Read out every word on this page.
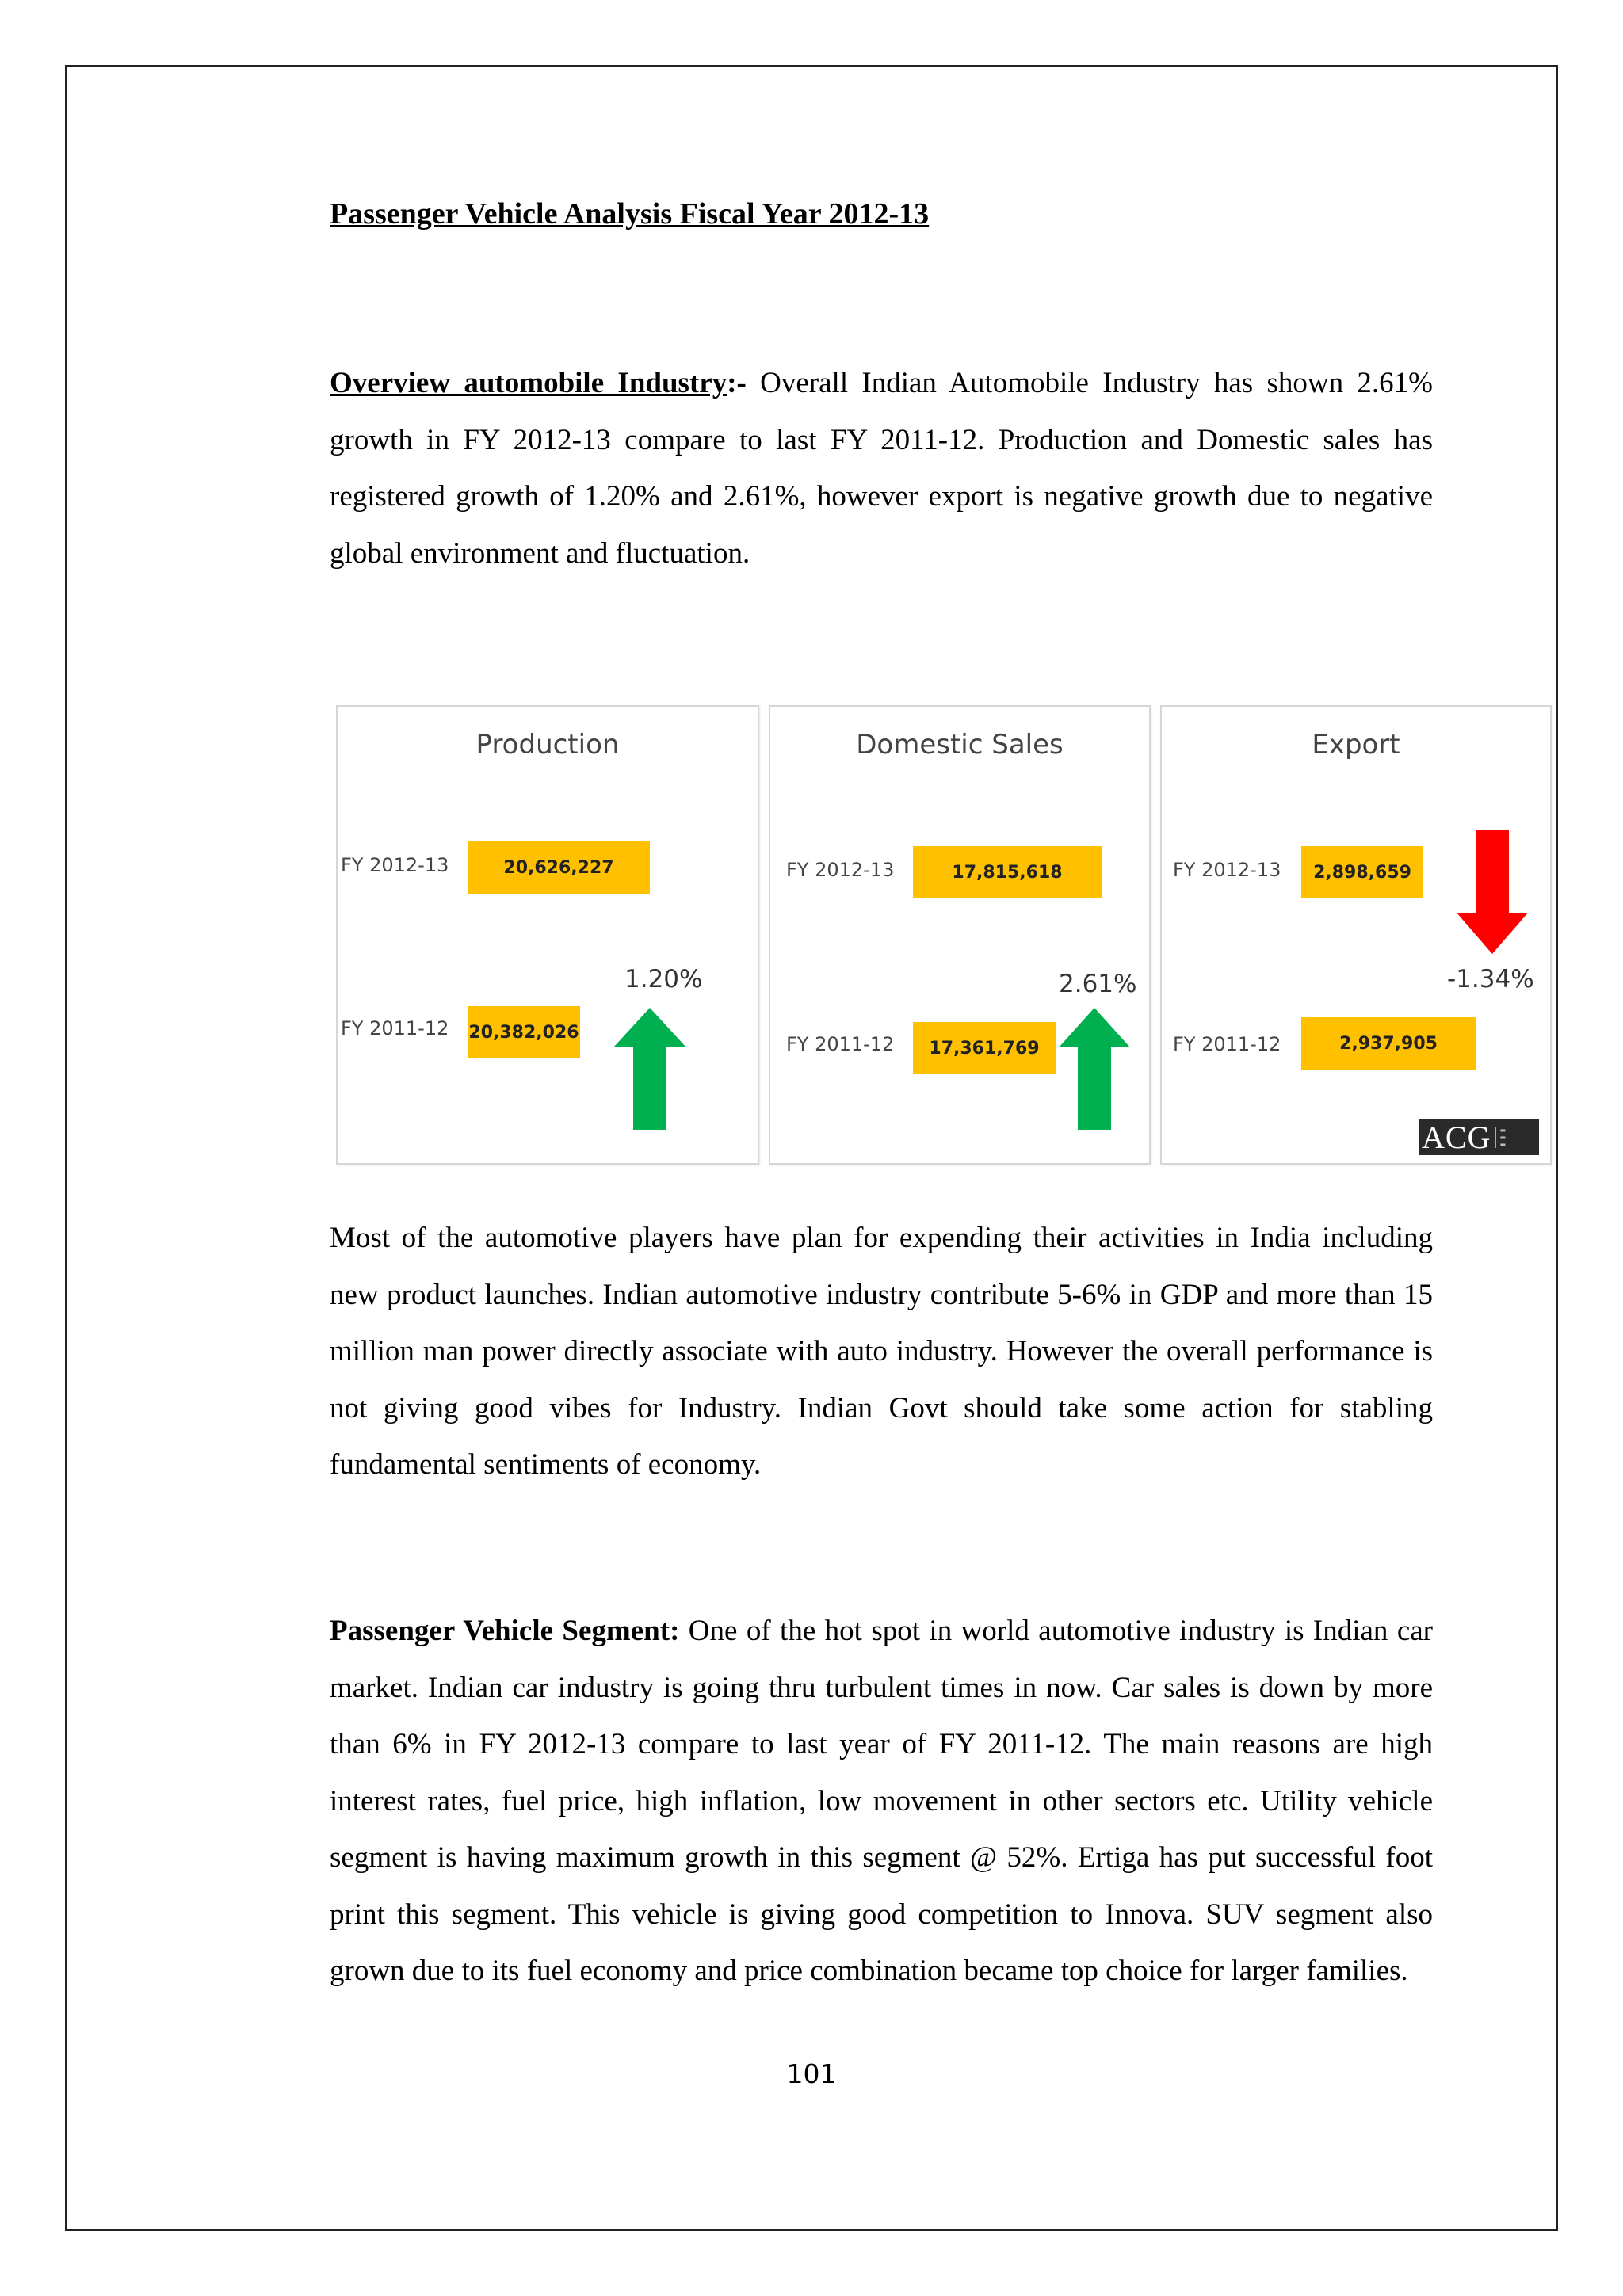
Passenger Vehicle Analysis Fiscal Year 2012-13
Overview automobile Industry:- Overall Indian Automobile Industry has shown 2.61% growth in FY 2012-13 compare to last FY 2011-12. Production and Domestic sales has registered growth of 1.20% and 2.61%, however export is negative growth due to negative global environment and fluctuation.
Production
FY 2012-13	20,626,227
1.20%
FY 2011-12 20,382,026
Domestic Sales
FY 2012-13	17,815,618
2.61%
FY 2011-12	17,361,769
Export
FY 2012-13	2,898,659
-1.34%
FY 2011-12	2,937,905
ACG	▬
▬
▬
Most of the automotive players have plan for expending their activities in India including new product launches. Indian automotive industry contribute 5-6% in GDP and more than 15 million man power directly associate with auto industry. However the overall performance is not giving good vibes for Industry. Indian Govt should take some action for stabling fundamental sentiments of economy.
Passenger Vehicle Segment: One of the hot spot in world automotive industry is Indian car market. Indian car industry is going thru turbulent times in now. Car sales is down by more than 6% in FY 2012-13 compare to last year of FY 2011-12. The main reasons are high interest rates, fuel price, high inflation, low movement in other sectors etc. Utility vehicle segment is having maximum growth in this segment @ 52%. Ertiga has put successful foot print this segment. This vehicle is giving good competition to Innova. SUV segment also grown due to its fuel economy and price combination became top choice for larger families.
101
